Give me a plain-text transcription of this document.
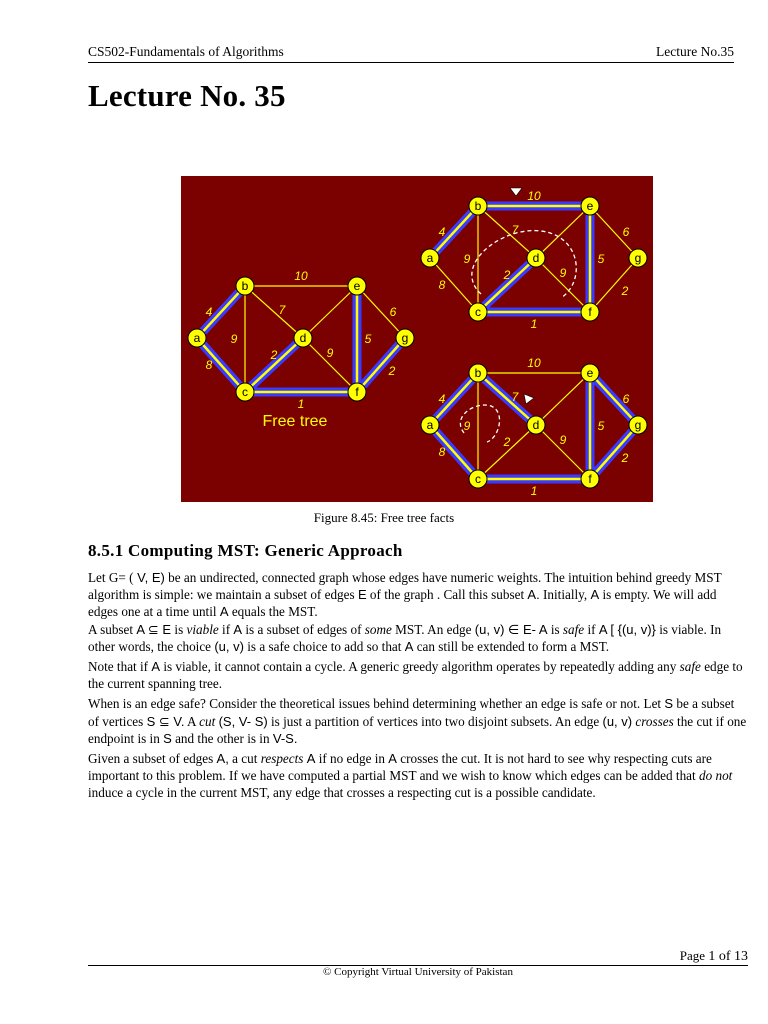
CS502-Fundamentals of Algorithms	Lecture No.35
Lecture No. 35
10
4
8
7	6
9	5
9
2
2
1
a
b	e
g
c
d
f
Free tree
10
4
8
7	6
9	5
9
2
2
1
a
b	e
g
c
d
f
10
4
8
7	6
9	5
9
2
2
1
a
b	e
g
c
d
f
Figure 8.45: Free tree facts
8.5.1 Computing MST: Generic Approach

Let G= ( V, E) be an undirected, connected graph whose edges have numeric weights. The intuition behind greedy MST algorithm is simple: we maintain a subset of edges E of the graph . Call this subset A. Initially, A is empty. We will add edges one at a time until A equals the MST.

A subset A ⊆ E is viable if A is a subset of edges of some MST. An edge (u, v) ∈ E- A is safe if A [ {(u, v)} is viable. In other words, the choice (u, v) is a safe choice to add so that A can still be extended to form a MST.

Note that if A is viable, it cannot contain a cycle. A generic greedy algorithm operates by repeatedly adding any safe edge to the current spanning tree.

When is an edge safe? Consider the theoretical issues behind determining whether an edge is safe or not. Let S be a subset of vertices S ⊆ V. A cut (S, V- S) is just a partition of vertices into two disjoint subsets. An edge (u, v) crosses the cut if one endpoint is in S and the other is in V-S.

Given a subset of edges A, a cut respects A if no edge in A crosses the cut. It is not hard to see why respecting cuts are important to this problem. If we have computed a partial MST and we wish to know which edges can be added that do not induce a cycle in the current MST, any edge that crosses a respecting cut is a possible candidate.

Page 1 of 13
© Copyright Virtual University of Pakistan
